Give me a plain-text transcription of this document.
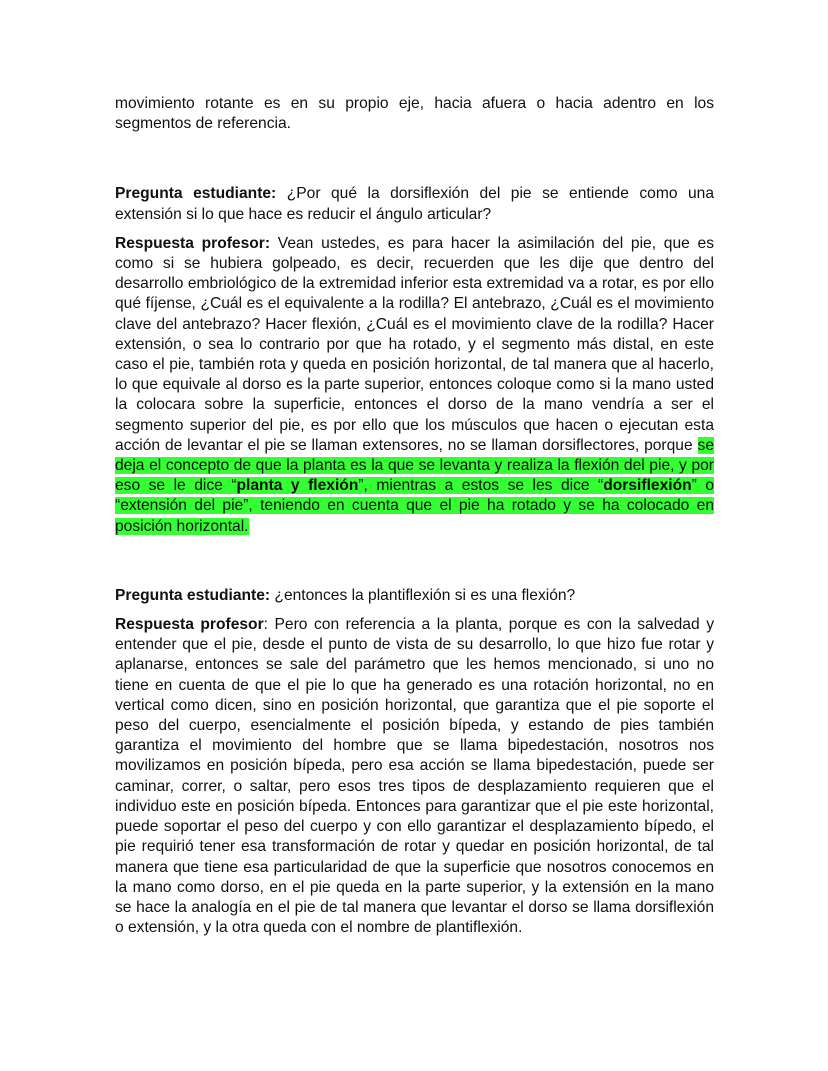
movimiento rotante es en su propio eje, hacia afuera o hacia adentro en los segmentos de referencia.

Pregunta estudiante: ¿Por qué la dorsiflexión del pie se entiende como una extensión si lo que hace es reducir el ángulo articular?

Respuesta profesor: Vean ustedes, es para hacer la asimilación del pie, que es como si se hubiera golpeado, es decir, recuerden que les dije que dentro del desarrollo embriológico de la extremidad inferior esta extremidad va a rotar, es por ello qué fíjense, ¿Cuál es el equivalente a la rodilla? El antebrazo, ¿Cuál es el movimiento clave del antebrazo? Hacer flexión, ¿Cuál es el movimiento clave de la rodilla? Hacer extensión, o sea lo contrario por que ha rotado, y el segmento más distal, en este caso el pie, también rota y queda en posición horizontal, de tal manera que al hacerlo, lo que equivale al dorso es la parte superior, entonces coloque como si la mano usted la colocara sobre la superficie, entonces el dorso de la mano vendría a ser el segmento superior del pie, es por ello que los músculos que hacen o ejecutan esta acción de levantar el pie se llaman extensores, no se llaman dorsiflectores, porque se deja el concepto de que la planta es la que se levanta y realiza la flexión del pie, y por eso se le dice “planta y flexión”, mientras a estos se les dice “dorsiflexión” o “extensión del pie”, teniendo en cuenta que el pie ha rotado y se ha colocado en posición horizontal.

Pregunta estudiante: ¿entonces la plantiflexión si es una flexión?

Respuesta profesor: Pero con referencia a la planta, porque es con la salvedad y entender que el pie, desde el punto de vista de su desarrollo, lo que hizo fue rotar y aplanarse, entonces se sale del parámetro que les hemos mencionado, si uno no tiene en cuenta de que el pie lo que ha generado es una rotación horizontal, no en vertical como dicen, sino en posición horizontal, que garantiza que el pie soporte el peso del cuerpo, esencialmente el posición bípeda, y estando de pies también garantiza el movimiento del hombre que se llama bipedestación, nosotros nos movilizamos en posición bípeda, pero esa acción se llama bipedestación, puede ser caminar, correr, o saltar, pero esos tres tipos de desplazamiento requieren que el individuo este en posición bípeda. Entonces para garantizar que el pie este horizontal, puede soportar el peso del cuerpo y con ello garantizar el desplazamiento bípedo, el pie requirió tener esa transformación de rotar y quedar en posición horizontal, de tal manera que tiene esa particularidad de que la superficie que nosotros conocemos en la mano como dorso, en el pie queda en la parte superior, y la extensión en la mano se hace la analogía en el pie de tal manera que levantar el dorso se llama dorsiflexión o extensión, y la otra queda con el nombre de plantiflexión.
